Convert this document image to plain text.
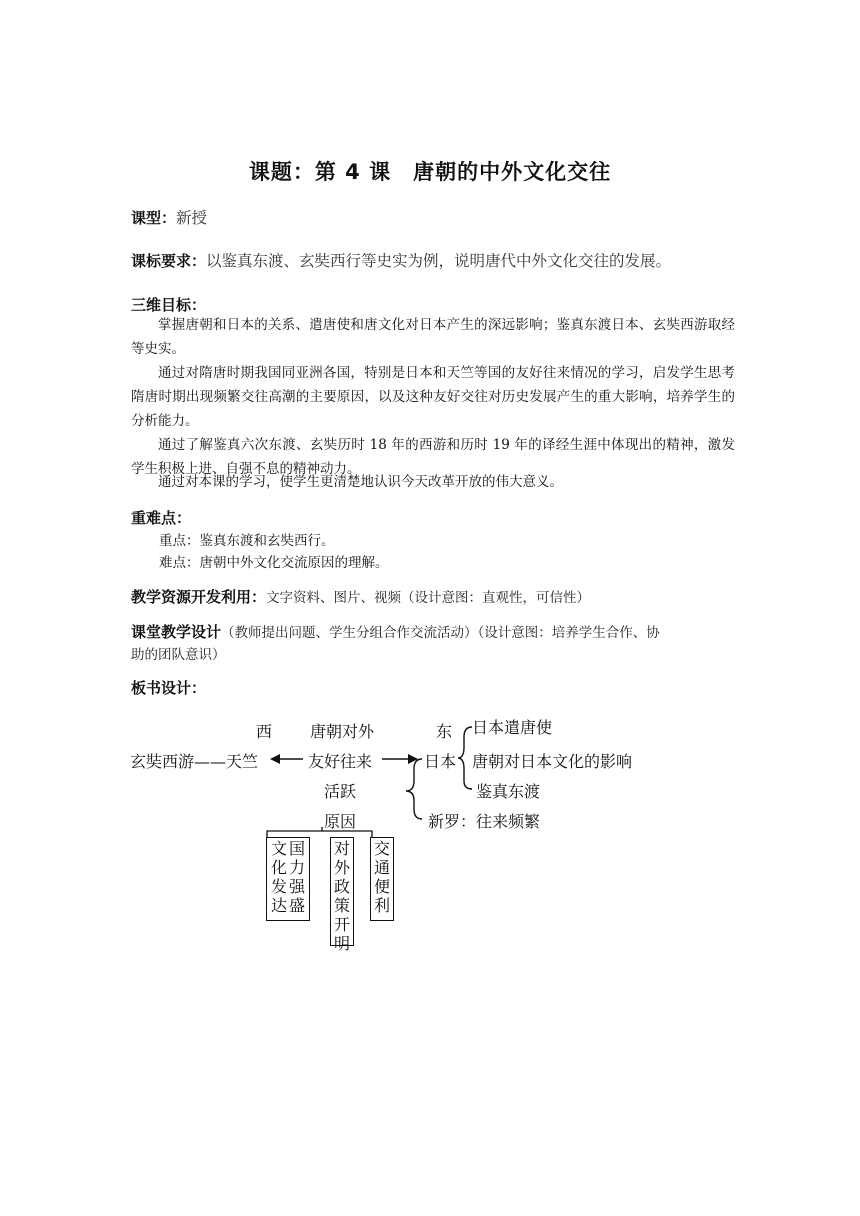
课题：第 4 课　唐朝的中外文化交往
课型：新授
课标要求：以鉴真东渡、玄奘西行等史实为例，说明唐代中外文化交往的发展。
三维目标：
掌握唐朝和日本的关系、遣唐使和唐文化对日本产生的深远影响；鉴真东渡日本、玄奘西游取经等史实。
通过对隋唐时期我国同亚洲各国，特别是日本和天竺等国的友好往来情况的学习，启发学生思考隋唐时期出现频繁交往高潮的主要原因，以及这种友好交往对历史发展产生的重大影响，培养学生的分析能力。
通过了解鉴真六次东渡、玄奘历时 18 年的西游和历时 19 年的译经生涯中体现出的精神，激发学生积极上进、自强不息的精神动力。
通过对本课的学习，使学生更清楚地认识今天改革开放的伟大意义。
重难点：
重点：鉴真东渡和玄奘西行。
难点：唐朝中外文化交流原因的理解。
教学资源开发利用：文字资料、图片、视频（设计意图：直观性，可信性）
课堂教学设计（教师提出问题、学生分组合作交流活动）（设计意图：培养学生合作、协
助的团队意识）
板书设计：
西 唐朝对外	东
玄奘西游——天竺	友好往来	日本
日本遣唐使
唐朝对日本文化的影响
鉴真东渡
活跃
新罗：往来频繁
原因
文化发达
国力强盛
对外政策开明
交通便利
